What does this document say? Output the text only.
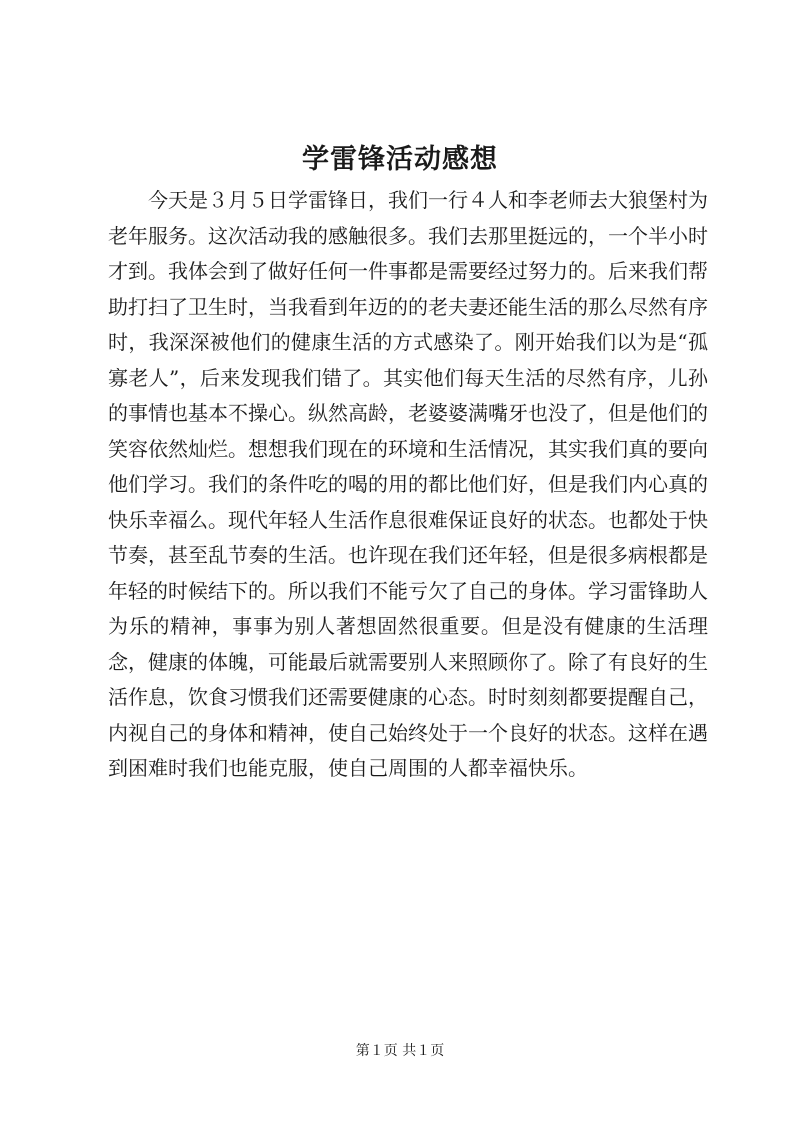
学雷锋活动感想

今天是３月５日学雷锋日，我们一行４人和李老师去大狼堡村为老年服务。这次活动我的感触很多。我们去那里挺远的，一个半小时才到。我体会到了做好任何一件事都是需要经过努力的。后来我们帮助打扫了卫生时，当我看到年迈的的老夫妻还能生活的那么尽然有序时，我深深被他们的健康生活的方式感染了。刚开始我们以为是“孤寡老人”，后来发现我们错了。其实他们每天生活的尽然有序，儿孙的事情也基本不操心。纵然高龄，老婆婆满嘴牙也没了，但是他们的笑容依然灿烂。想想我们现在的环境和生活情况，其实我们真的要向他们学习。我们的条件吃的喝的用的都比他们好，但是我们内心真的快乐幸福么。现代年轻人生活作息很难保证良好的状态。也都处于快节奏，甚至乱节奏的生活。也许现在我们还年轻，但是很多病根都是年轻的时候结下的。所以我们不能亏欠了自己的身体。学习雷锋助人为乐的精神，事事为别人著想固然很重要。但是没有健康的生活理念，健康的体魄，可能最后就需要别人来照顾你了。除了有良好的生活作息，饮食习惯我们还需要健康的心态。时时刻刻都要提醒自己，内视自己的身体和精神，使自己始终处于一个良好的状态。这样在遇到困难时我们也能克服，使自己周围的人都幸福快乐。

第１页 共１页
